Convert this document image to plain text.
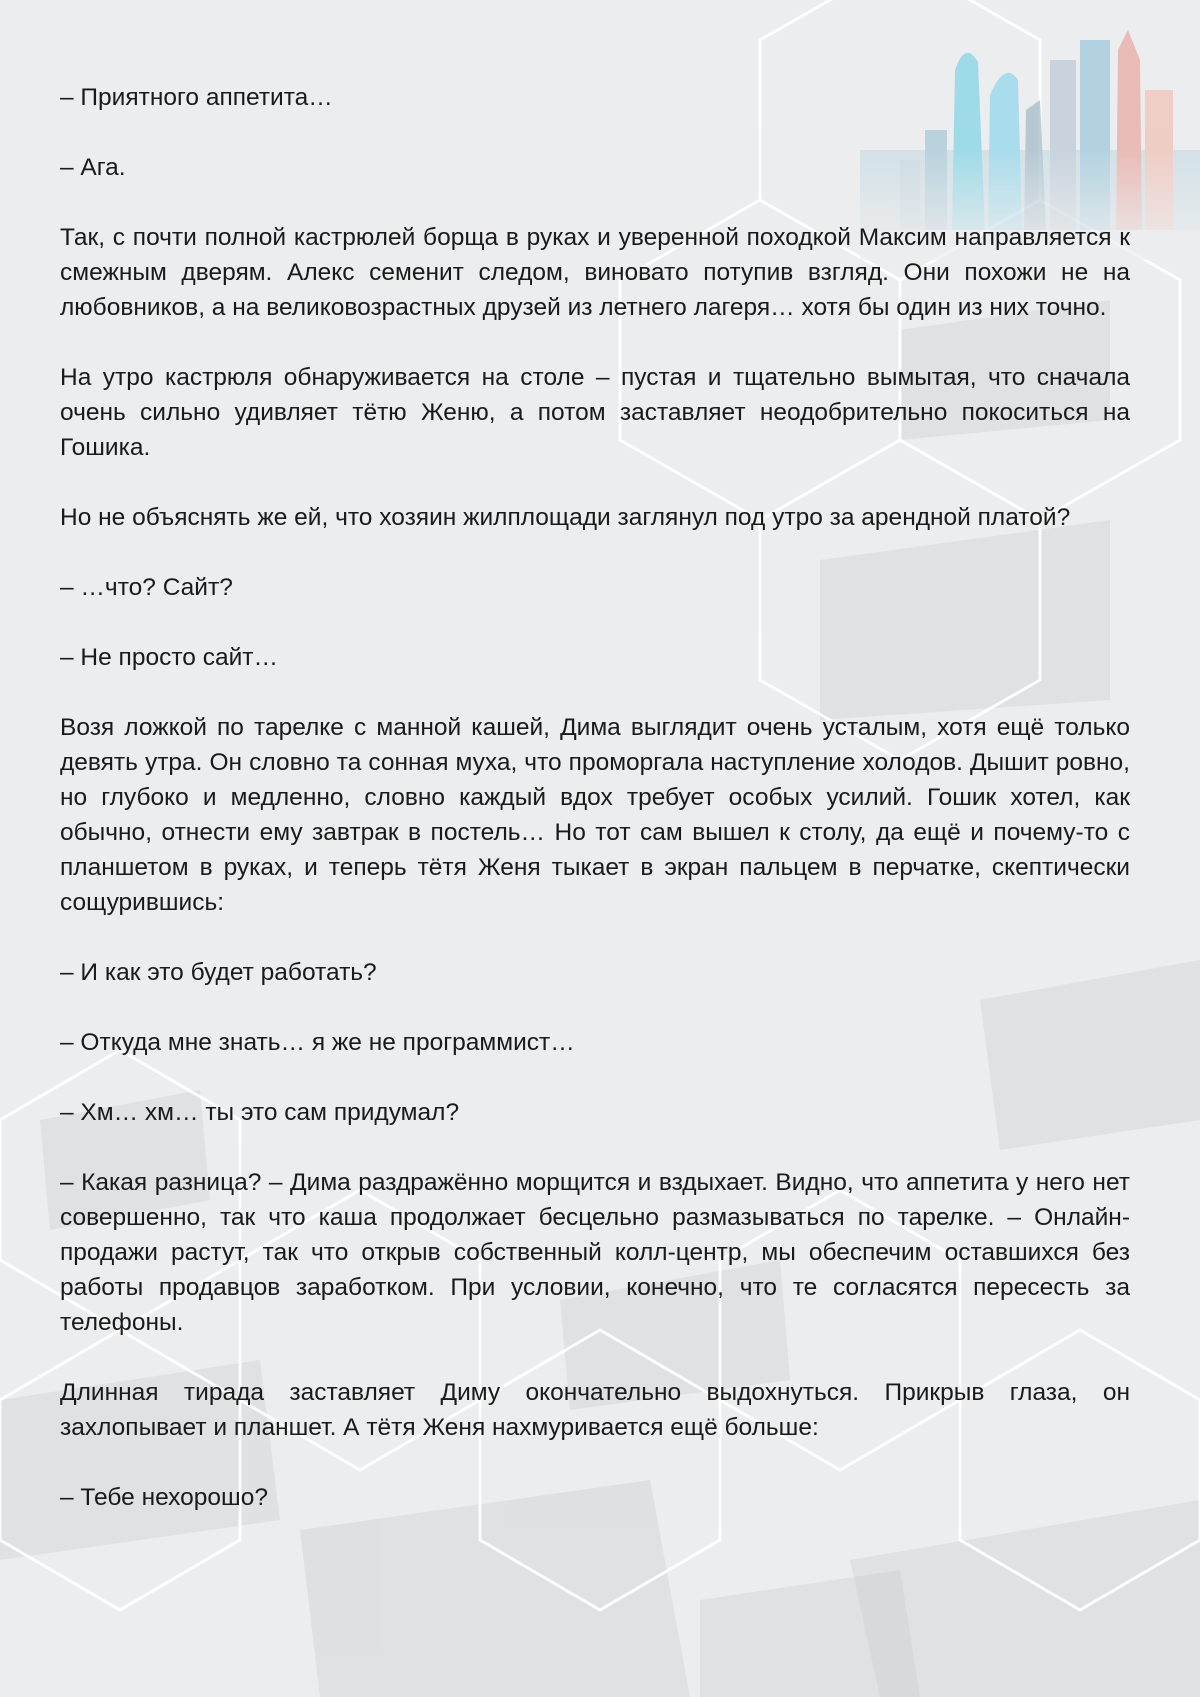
– Приятного аппетита…

– Ага.

Так, с почти полной кастрюлей борща в руках и уверенной походкой Максим направляется к смежным дверям. Алекс семенит следом, виновато потупив взгляд. Они похожи не на любовников, а на великовозрастных друзей из летнего лагеря… хотя бы один из них точно.

На утро кастрюля обнаруживается на столе – пустая и тщательно вымытая, что сначала очень сильно удивляет тётю Женю, а потом заставляет неодобрительно покоситься на Гошика.

Но не объяснять же ей, что хозяин жилплощади заглянул под утро за арендной платой?

– …что? Сайт?

– Не просто сайт…

Возя ложкой по тарелке с манной кашей, Дима выглядит очень усталым, хотя ещё только девять утра. Он словно та сонная муха, что проморгала наступление холодов. Дышит ровно, но глубоко и медленно, словно каждый вдох требует особых усилий. Гошик хотел, как обычно, отнести ему завтрак в постель… Но тот сам вышел к столу, да ещё и почему-то с планшетом в руках, и теперь тётя Женя тыкает в экран пальцем в перчатке, скептически сощурившись:

– И как это будет работать?

– Откуда мне знать… я же не программист…

– Хм… хм… ты это сам придумал?

– Какая разница? – Дима раздражённо морщится и вздыхает. Видно, что аппетита у него нет совершенно, так что каша продолжает бесцельно размазываться по тарелке. – Онлайн-продажи растут, так что открыв собственный колл-центр, мы обеспечим оставшихся без работы продавцов заработком. При условии, конечно, что те согласятся пересесть за телефоны.

Длинная тирада заставляет Диму окончательно выдохнуться. Прикрыв глаза, он захлопывает и планшет. А тётя Женя нахмуривается ещё больше:

– Тебе нехорошо?
